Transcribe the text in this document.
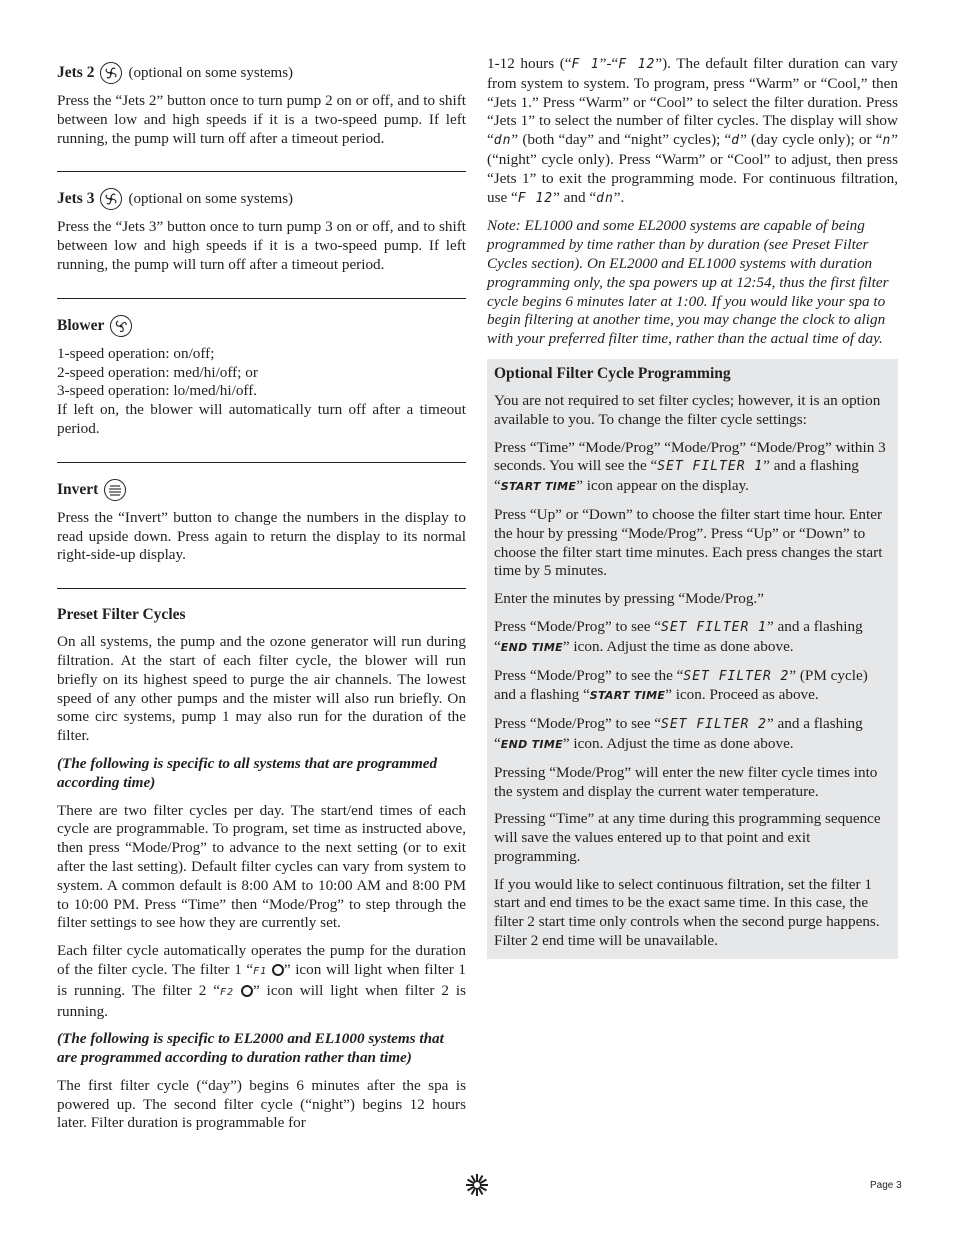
Jets 2 (optional on some systems)

Press the “Jets 2” button once to turn pump 2 on or off, and to shift between low and high speeds if it is a two-speed pump. If left running, the pump will turn off after a timeout period.

Jets 3 (optional on some systems)

Press the “Jets 3” button once to turn pump 3 on or off, and to shift between low and high speeds if it is a two-speed pump. If left running, the pump will turn off after a timeout period.

Blower
1-speed operation: on/off;
2-speed operation: med/hi/off; or
3-speed operation: lo/med/hi/off.

If left on, the blower will automatically turn off after a timeout period.

Invert

Press the “Invert” button to change the numbers in the display to read upside down. Press again to return the display to its normal right-side-up display.

Preset Filter Cycles

On all systems, the pump and the ozone generator will run during filtration. At the start of each filter cycle, the blower will run briefly on its highest speed to purge the air channels. The lowest speed of any other pumps and the mister will also run briefly. On some circ systems, pump 1 may also run for the duration of the filter.

(The following is specific to all systems that are programmed according time)

There are two filter cycles per day. The start/end times of each cycle are programmable. To program, set time as instructed above, then press “Mode/Prog” to advance to the next setting (or to exit after the last setting). Default filter cycles can vary from system to system. A common default is 8:00 AM to 10:00 AM and 8:00 PM to 10:00 PM. Press “Time” then “Mode/Prog” to step through the filter settings to see how they are currently set.

Each filter cycle automatically operates the pump for the duration of the filter cycle. The filter 1 “F1 ” icon will light when filter 1 is running. The filter 2 “F2 ” icon will light when filter 2 is running.

(The following is specific to EL2000 and EL1000 systems that are programmed according to duration rather than time)

The first filter cycle (“day”) begins 6 minutes after the spa is powered up. The second filter cycle (“night”) begins 12 hours later. Filter duration is programmable for

1-12 hours (“F 1”-“F 12”). The default filter duration can vary from system to system. To program, press “Warm” or “Cool,” then “Jets 1.” Press “Warm” or “Cool” to select the filter duration. Press “Jets 1” to select the number of filter cycles. The display will show “dn” (both “day” and “night” cycles); “d” (day cycle only); or “n” (“night” cycle only). Press “Warm” or “Cool” to adjust, then press “Jets 1” to exit the programming mode. For continuous filtration, use “F 12” and “dn”.

Note: EL1000 and some EL2000 systems are capable of being programmed by time rather than by duration (see Preset Filter Cycles section). On EL2000 and EL1000 systems with duration programming only, the spa powers up at 12:54, thus the first filter cycle begins 6 minutes later at 1:00. If you would like your spa to begin filtering at another time, you may change the clock to align with your preferred filter time, rather than the actual time of day.

Optional Filter Cycle Programming

You are not required to set filter cycles; however, it is an option available to you. To change the filter cycle settings:

Press “Time” “Mode/Prog” “Mode/Prog” “Mode/Prog” within 3 seconds. You will see the “SET FILTER 1” and a flashing “START TIME” icon appear on the display.

Press “Up” or “Down” to choose the filter start time hour. Enter the hour by pressing “Mode/Prog”. Press “Up” or “Down” to choose the filter start time minutes. Each press changes the start time by 5 minutes.

Enter the minutes by pressing “Mode/Prog.”

Press “Mode/Prog” to see “SET FILTER 1” and a flashing “END TIME” icon. Adjust the time as done above.

Press “Mode/Prog” to see the “SET FILTER 2” (PM cycle) and a flashing “START TIME” icon. Proceed as above.

Press “Mode/Prog” to see “SET FILTER 2” and a flashing “END TIME” icon. Adjust the time as done above.

Pressing “Mode/Prog” will enter the new filter cycle times into the system and display the current water temperature.

Pressing “Time” at any time during this programming sequence will save the values entered up to that point and exit programming.

If you would like to select continuous filtration, set the filter 1 start and end times to be the exact same time. In this case, the filter 2 start time only controls when the second purge happens. Filter 2 end time will be unavailable.

Page 3
